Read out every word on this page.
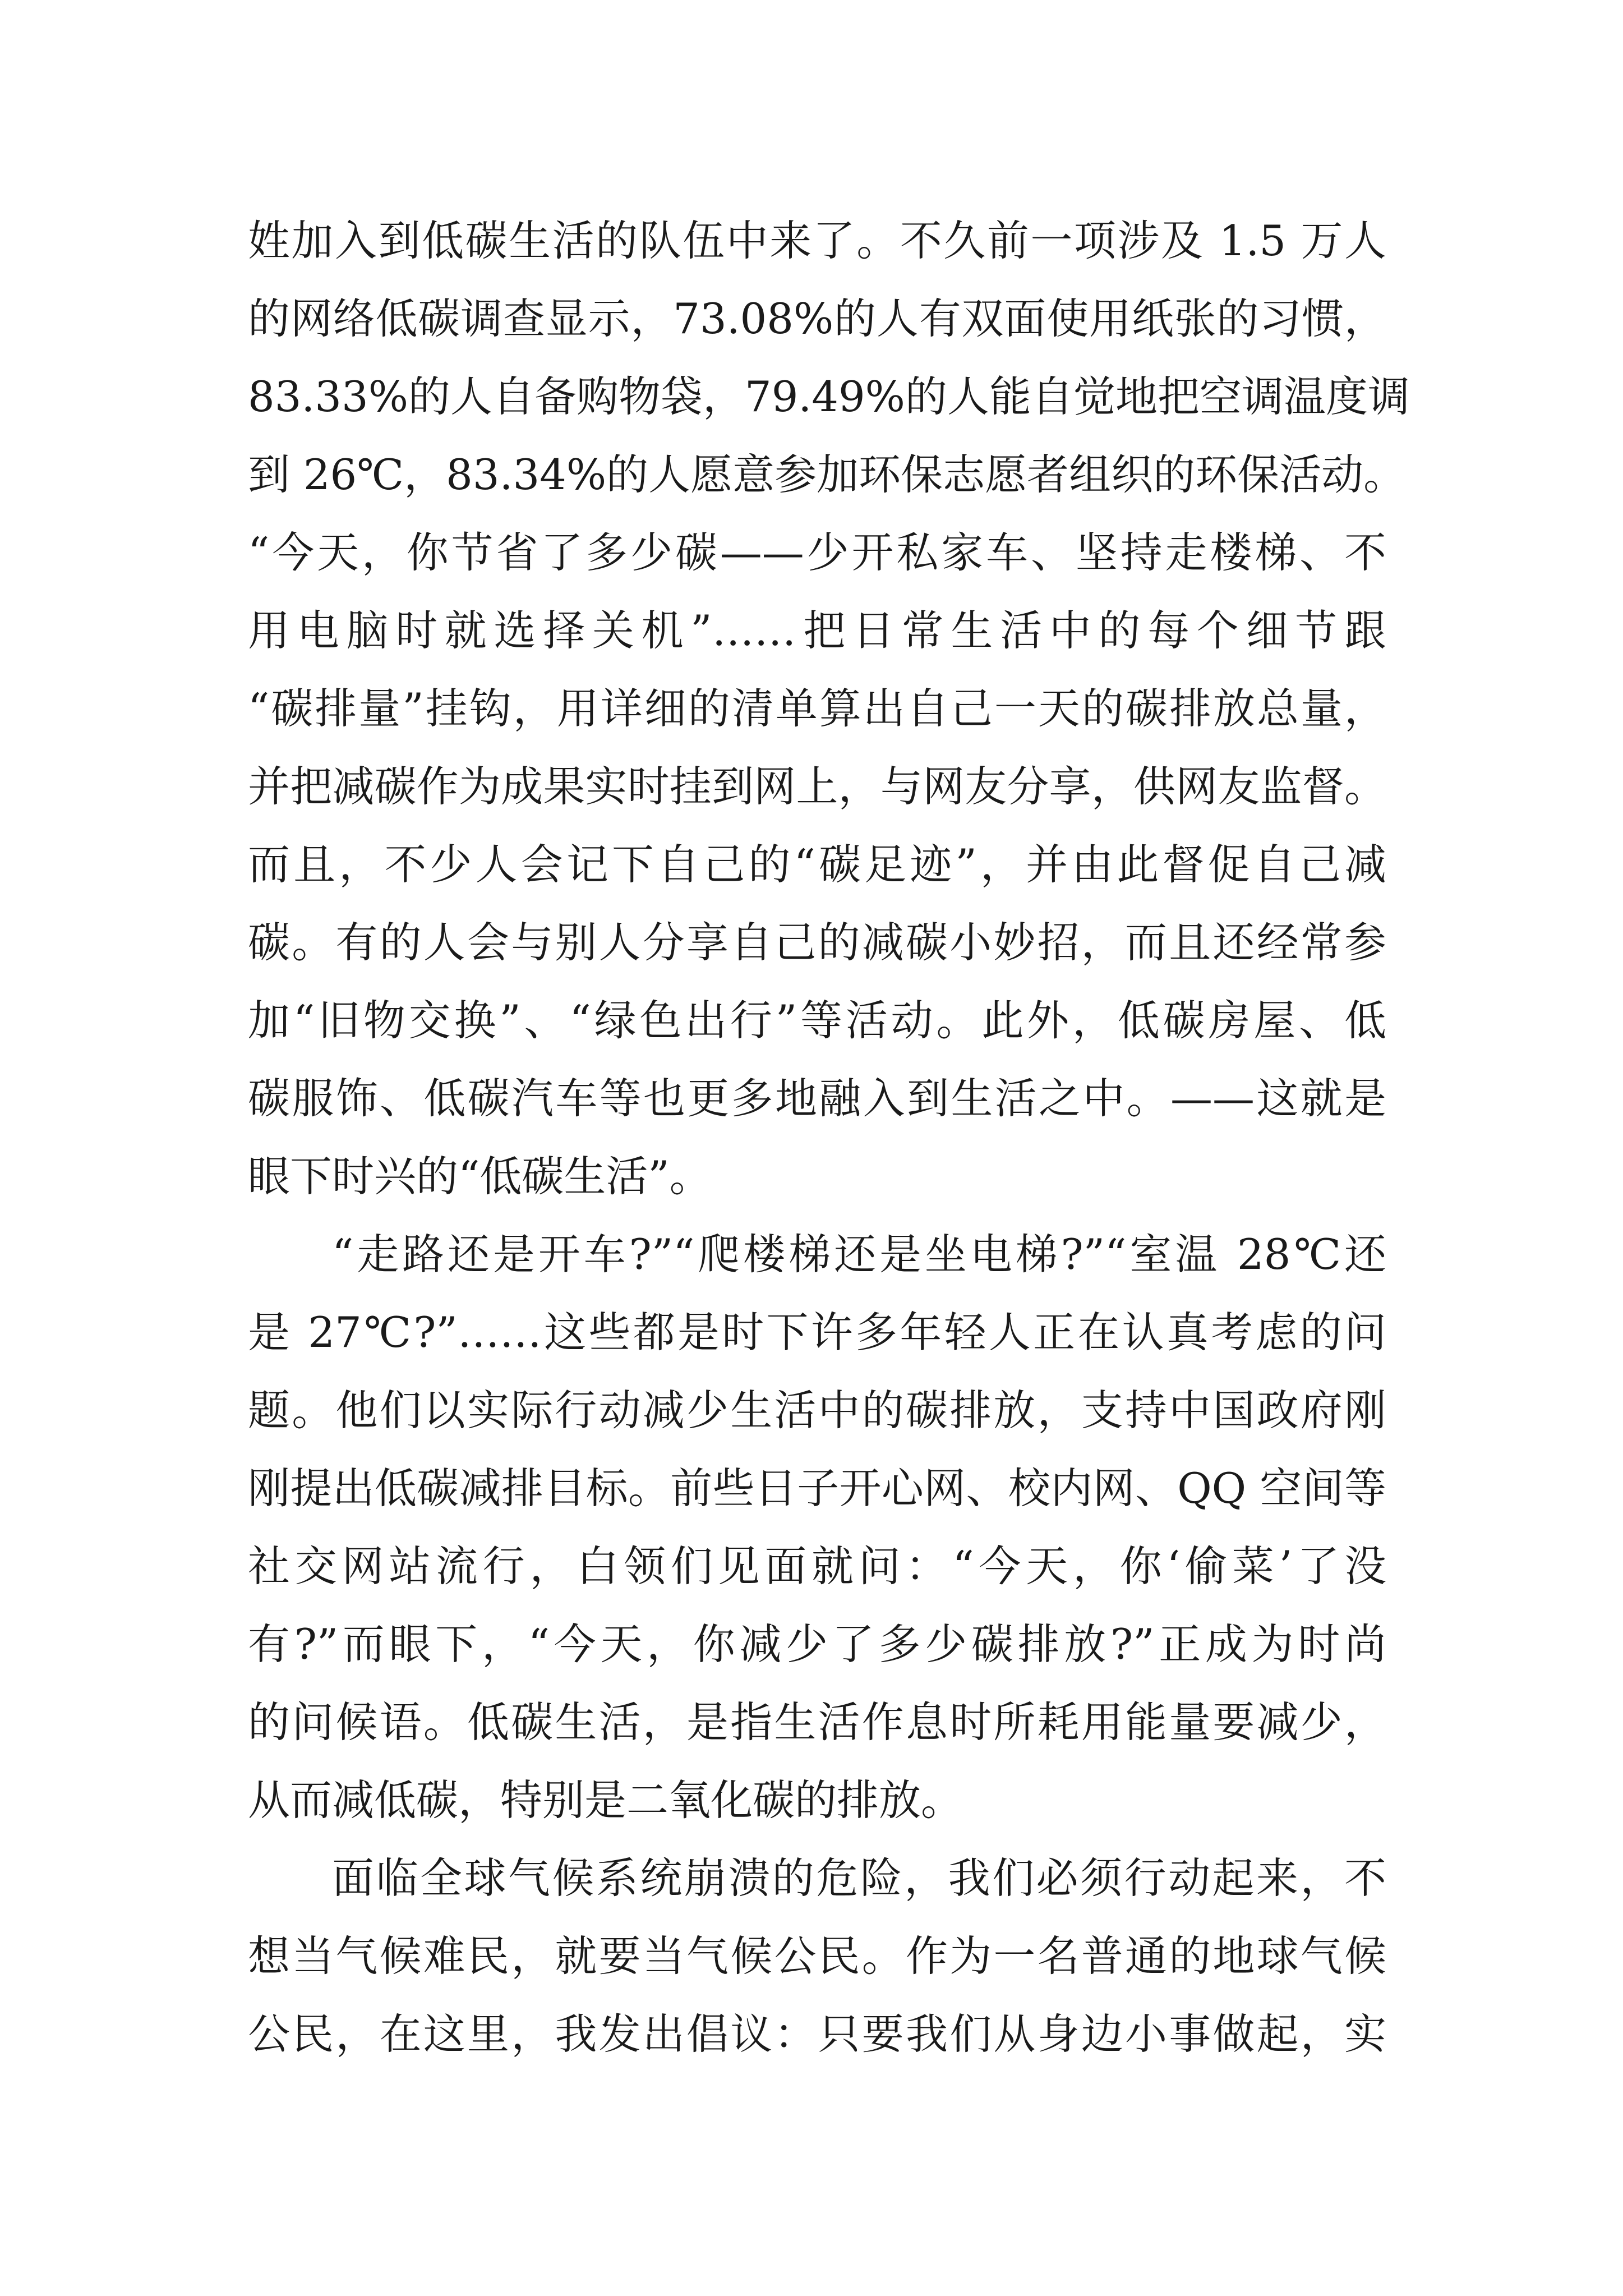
姓加入到低碳生活的队伍中来了。不久前一项涉及 1.5 万人
的网络低碳调查显示，73.08%的人有双面使用纸张的习惯，
83.33%的人自备购物袋，79.49%的人能自觉地把空调温度调
到 26℃，83.34%的人愿意参加环保志愿者组织的环保活动。
“今天，你节省了多少碳——少开私家车、坚持走楼梯、不
用电脑时就选择关机”……把日常生活中的每个细节跟
“碳排量”挂钩，用详细的清单算出自己一天的碳排放总量，
并把减碳作为成果实时挂到网上，与网友分享，供网友监督。
而且，不少人会记下自己的“碳足迹”，并由此督促自己减
碳。有的人会与别人分享自己的减碳小妙招，而且还经常参
加“旧物交换”、“绿色出行”等活动。此外，低碳房屋、低
碳服饰、低碳汽车等也更多地融入到生活之中。——这就是
眼下时兴的“低碳生活”。
“走路还是开车?”“爬楼梯还是坐电梯?”“室温 28℃还
是 27℃?”……这些都是时下许多年轻人正在认真考虑的问
题。他们以实际行动减少生活中的碳排放，支持中国政府刚
刚提出低碳减排目标。前些日子开心网、校内网、QQ 空间等
社交网站流行，白领们见面就问：“今天，你‘偷菜’了没
有?”而眼下，“今天，你减少了多少碳排放?”正成为时尚
的问候语。低碳生活，是指生活作息时所耗用能量要减少，
从而减低碳，特别是二氧化碳的排放。
面临全球气候系统崩溃的危险，我们必须行动起来，不
想当气候难民，就要当气候公民。作为一名普通的地球气候
公民，在这里，我发出倡议：只要我们从身边小事做起，实
